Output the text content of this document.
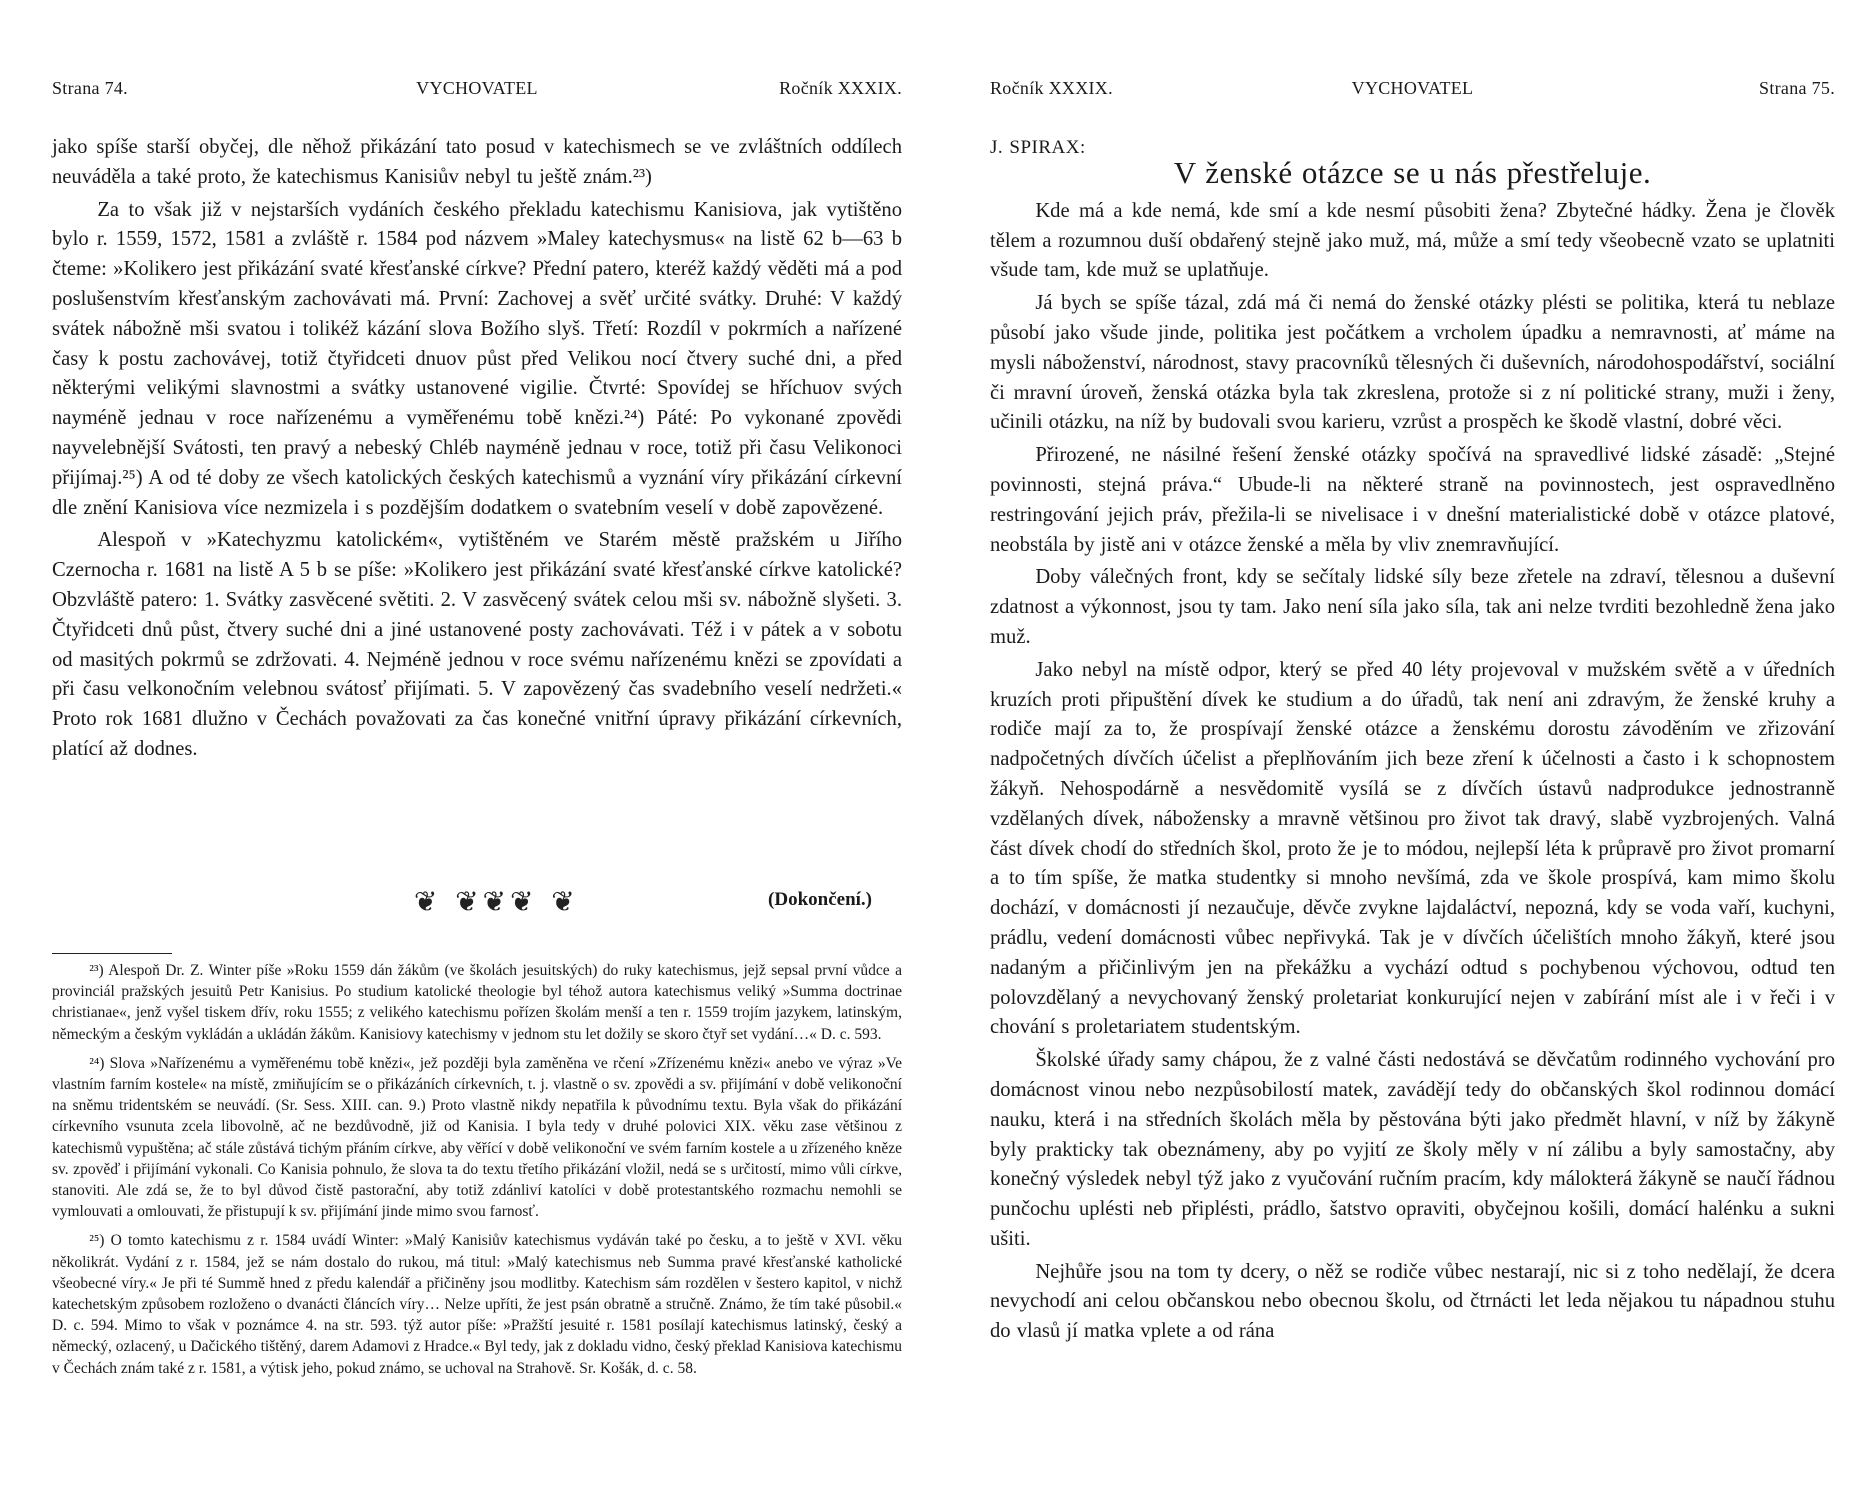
Strana 74.	VYCHOVATEL	Ročník XXXIX.

jako spíše starší obyčej, dle něhož přikázání tato posud v katechismech se ve zvláštních oddílech neuváděla a také proto, že katechismus Kanisiův nebyl tu ještě znám.²³)

Za to však již v nejstarších vydáních českého překladu katechismu Kanisiova, jak vytištěno bylo r. 1559, 1572, 1581 a zvláště r. 1584 pod názvem »Maley katechysmus« na listě 62 b—63 b čteme: »Kolikero jest přikázání svaté křesťanské církve? Přední patero, kteréž každý věděti má a pod poslušenstvím křesťanským zachovávati má. První: Zachovej a svěť určité svátky. Druhé: V každý svátek nábožně mši svatou i tolikéž kázání slova Božího slyš. Třetí: Rozdíl v pokrmích a nařízené časy k postu zachovávej, totiž čtyřidceti dnuov půst před Velikou nocí čtvery suché dni, a před některými velikými slavnostmi a svátky ustanovené vigilie. Čtvrté: Spovídej se hříchuov svých nayméně jednau v roce nařízenému a vyměřenému tobě knězi.²⁴) Páté: Po vykonané zpovědi nayvelebnější Svátosti, ten pravý a nebeský Chléb nayméně jednau v roce, totiž při času Velikonoci přijímaj.²⁵) A od té doby ze všech katolických českých katechismů a vyznání víry přikázání církevní dle znění Kanisiova více nezmizela i s pozdějším dodatkem o svatebním veselí v době zapovězené.

Alespoň v »Katechyzmu katolickém«, vytištěném ve Starém městě pražském u Jiřího Czernocha r. 1681 na listě A 5 b se píše: »Kolikero jest přikázání svaté křesťanské církve katolické? Obzvláště patero: 1. Svátky zasvěcené světiti. 2. V zasvěcený svátek celou mši sv. nábožně slyšeti. 3. Čtyřidceti dnů půst, čtvery suché dni a jiné ustanovené posty zachovávati. Též i v pátek a v sobotu od masitých pokrmů se zdržovati. 4. Nejméně jednou v roce svému nařízenému knězi se zpovídati a při času velkonočním velebnou svátosť přijímati. 5. V zapovězený čas svadebního veselí nedržeti.« Proto rok 1681 dlužno v Čechách považovati za čas konečné vnitřní úpravy přikázání církevních, platící až dodnes.

❦ ❦❦❦ ❦	(Dokončení.)

²³) Alespoň Dr. Z. Winter píše »Roku 1559 dán žákům (ve školách jesuitských) do ruky katechismus, jejž sepsal první vůdce a provinciál pražských jesuitů Petr Kanisius. Po studium katolické theologie byl téhož autora katechismus veliký »Summa doctrinae christianae«, jenž vyšel tiskem dřív, roku 1555; z velikého katechismu pořízen školám menší a ten r. 1559 trojím jazykem, latinským, německým a českým vykládán a ukládán žákům. Kanisiovy katechismy v jednom stu let dožily se skoro čtyř set vydání…« D. c. 593.

²⁴) Slova »Nařízenému a vyměřenému tobě knězi«, jež později byla zaměněna ve rčení »Zřízenému knězi« anebo ve výraz »Ve vlastním farním kostele« na místě, zmiňujícím se o přikázáních církevních, t. j. vlastně o sv. zpovědi a sv. přijímání v době velikonoční na sněmu tridentském se neuvádí. (Sr. Sess. XIII. can. 9.) Proto vlastně nikdy nepatřila k původnímu textu. Byla však do přikázání církevního vsunuta zcela libovolně, ač ne bezdůvodně, již od Kanisia. I byla tedy v druhé polovici XIX. věku zase většinou z katechismů vypuštěna; ač stále zůstává tichým přáním církve, aby věřící v době velikonoční ve svém farním kostele a u zřízeného kněze sv. zpověď i přijímání vykonali. Co Kanisia pohnulo, že slova ta do textu třetího přikázání vložil, nedá se s určitostí, mimo vůli církve, stanoviti. Ale zdá se, že to byl důvod čistě pastorační, aby totiž zdánliví katolíci v době protestantského rozmachu nemohli se vymlouvati a omlouvati, že přistupují k sv. přijímání jinde mimo svou farnosť.

²⁵) O tomto katechismu z r. 1584 uvádí Winter: »Malý Kanisiův katechismus vydáván také po česku, a to ještě v XVI. věku několikrát. Vydání z r. 1584, jež se nám dostalo do rukou, má titul: »Malý katechismus neb Summa pravé křesťanské katholické všeobecné víry.« Je při té Summě hned z předu kalendář a přičiněny jsou modlitby. Katechism sám rozdělen v šestero kapitol, v nichž katechetským způsobem rozloženo o dvanácti článcích víry… Nelze upříti, že jest psán obratně a stručně. Známo, že tím také působil.« D. c. 594. Mimo to však v poznámce 4. na str. 593. týž autor píše: »Pražští jesuité r. 1581 posílají katechismus latinský, český a německý, ozlacený, u Dačického tištěný, darem Adamovi z Hradce.« Byl tedy, jak z dokladu vidno, český překlad Kanisiova katechismu v Čechách znám také z r. 1581, a výtisk jeho, pokud známo, se uchoval na Strahově. Sr. Košák, d. c. 58.

Ročník XXXIX.	VYCHOVATEL	Strana 75.

J. SPIRAX:

V ženské otázce se u nás přestřeluje.

Kde má a kde nemá, kde smí a kde nesmí působiti žena? Zbytečné hádky. Žena je člověk tělem a rozumnou duší obdařený stejně jako muž, má, může a smí tedy všeobecně vzato se uplatniti všude tam, kde muž se uplatňuje.

Já bych se spíše tázal, zdá má či nemá do ženské otázky plésti se politika, která tu neblaze působí jako všude jinde, politika jest počátkem a vrcholem úpadku a nemravnosti, ať máme na mysli náboženství, národnost, stavy pracovníků tělesných či duševních, národohospodářství, sociální či mravní úroveň, ženská otázka byla tak zkreslena, protože si z ní politické strany, muži i ženy, učinili otázku, na níž by budovali svou karieru, vzrůst a prospěch ke škodě vlastní, dobré věci.

Přirozené, ne násilné řešení ženské otázky spočívá na spravedlivé lidské zásadě: „Stejné povinnosti, stejná práva.“ Ubude-li na některé straně na povinnostech, jest ospravedlněno restringování jejich práv, přežila-li se nivelisace i v dnešní materialistické době v otázce platové, neobstála by jistě ani v otázce ženské a měla by vliv znemravňující.

Doby válečných front, kdy se sečítaly lidské síly beze zřetele na zdraví, tělesnou a duševní zdatnost a výkonnost, jsou ty tam. Jako není síla jako síla, tak ani nelze tvrditi bezohledně žena jako muž.

Jako nebyl na místě odpor, který se před 40 léty projevoval v mužském světě a v úředních kruzích proti připuštění dívek ke studium a do úřadů, tak není ani zdravým, že ženské kruhy a rodiče mají za to, že prospívají ženské otázce a ženskému dorostu závoděním ve zřizování nadpočetných dívčích účelist a přeplňováním jich beze zření k účelnosti a často i k schopnostem žákyň. Nehospodárně a nesvědomitě vysílá se z dívčích ústavů nadprodukce jednostranně vzdělaných dívek, nábožensky a mravně většinou pro život tak dravý, slabě vyzbrojených. Valná část dívek chodí do středních škol, proto že je to módou, nejlepší léta k průpravě pro život promarní a to tím spíše, že matka studentky si mnoho nevšímá, zda ve škole prospívá, kam mimo školu dochází, v domácnosti jí nezaučuje, děvče zvykne lajdaláctví, nepozná, kdy se voda vaří, kuchyni, prádlu, vedení domácnosti vůbec nepřivyká. Tak je v dívčích účelištích mnoho žákyň, které jsou nadaným a přičinlivým jen na překážku a vychází odtud s pochybenou výchovou, odtud ten polovzdělaný a nevychovaný ženský proletariat konkurující nejen v zabírání míst ale i v řeči i v chování s proletariatem studentským.

Školské úřady samy chápou, že z valné části nedostává se děvčatům rodinného vychování pro domácnost vinou nebo nezpůsobilostí matek, zavádějí tedy do občanských škol rodinnou domácí nauku, která i na středních školách měla by pěstována býti jako předmět hlavní, v níž by žákyně byly prakticky tak obeznámeny, aby po vyjití ze školy měly v ní zálibu a byly samostačny, aby konečný výsledek nebyl týž jako z vyučování ručním pracím, kdy málokterá žákyně se naučí řádnou punčochu uplésti neb připlésti, prádlo, šatstvo opraviti, obyčejnou košili, domácí halénku a sukni ušiti.

Nejhůře jsou na tom ty dcery, o něž se rodiče vůbec nestarají, nic si z toho nedělají, že dcera nevychodí ani celou občanskou nebo obecnou školu, od čtrnácti let leda nějakou tu nápadnou stuhu do vlasů jí matka vplete a od rána
